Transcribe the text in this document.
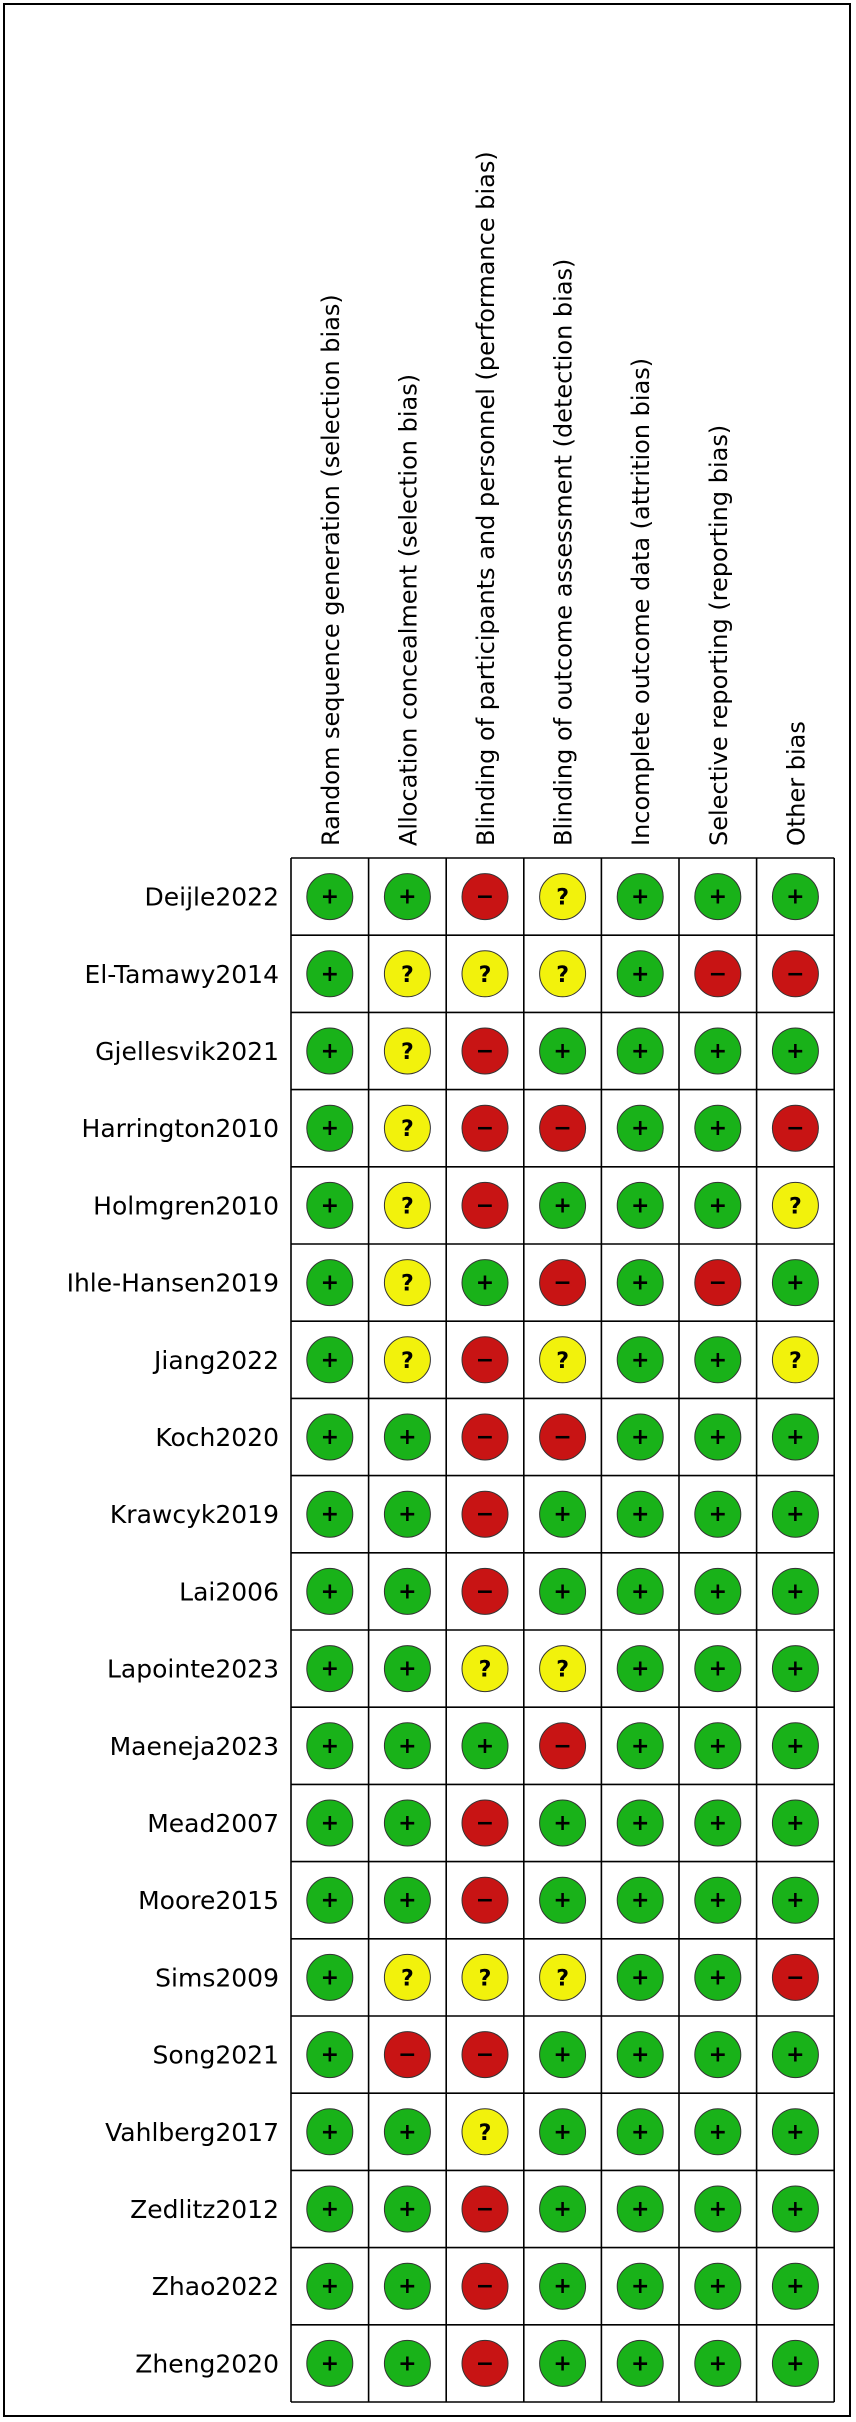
Random sequence generation (selection bias) Allocation concealment (selection bias) Blinding of participants and personnel (performance bias) Blinding of outcome assessment (detection bias) Incomplete outcome data (attrition bias) Selective reporting (reporting bias) Other bias
Deijle2022 +	+	−	?	+	+	+
El-Tamawy2014 +	?	?	?	+	−	−
Gjellesvik2021 +	?	−	+	+	+	+
Harrington2010 +	?	−	−	+	+	−
Holmgren2010 +	?	−	+	+	+	?
Ihle-Hansen2019 +	?	+	−	+	−	+
Jiang2022 +	?	−	?	+	+	?
Koch2020 +	+	−	−	+	+	+
Krawcyk2019 +	+	−	+	+	+	+
Lai2006 +	+	−	+	+	+	+
Lapointe2023 +	+	?	?	+	+	+
Maeneja2023 +	+	+	−	+	+	+
Mead2007 +	+	−	+	+	+	+
Moore2015 +	+	−	+	+	+	+
Sims2009 +	?	?	?	+	+	−
Song2021 +	−	−	+	+	+	+
Vahlberg2017 +	+	?	+	+	+	+
Zedlitz2012 +	+	−	+	+	+	+
Zhao2022 +	+	−	+	+	+	+
Zheng2020 +	+	−	+	+	+	+
